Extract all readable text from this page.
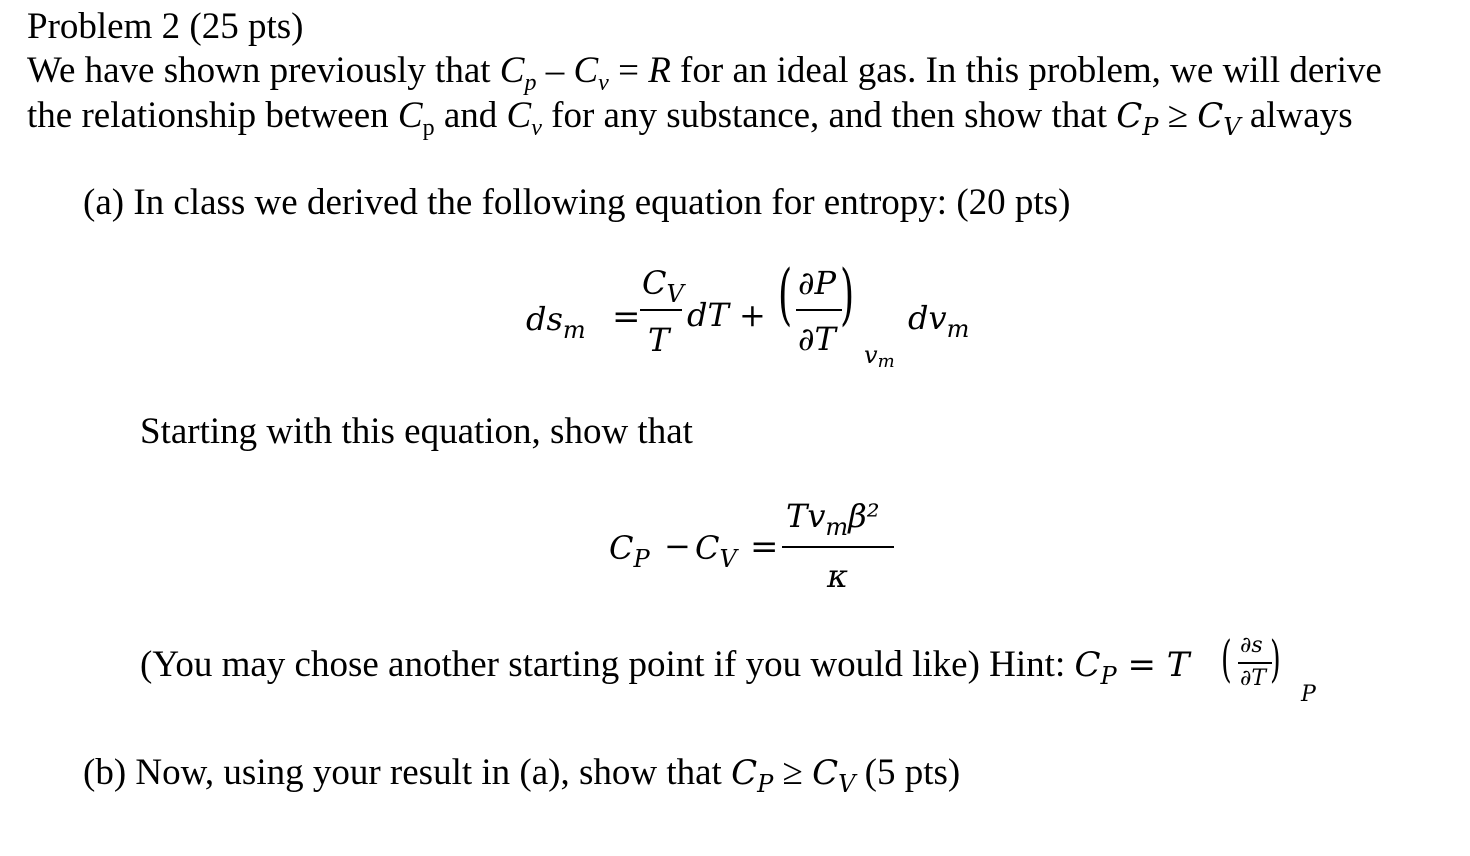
Problem 2 (25 pts)
We have shown previously that $C_p - C_v = R$ for an ideal gas. In this problem, we will derive
the relationship between $C_p$ and $C_v$ for any substance, and then show that $C_P \ge C_V$ always
(a) In class we derived the following equation for entropy: (20 pts)
$ds_m$ =
$C_V$
T
dT + ( ∂P
∂T
)
vm
$dv_m$
Starting with this equation, show that
$C_P - C_V$ =
$Tv_m\beta^2$
κ
(You may chose another starting point if you would like) Hint: $C_P = T$ ( ∂s
∂T )
P
(b) Now, using your result in (a), show that $C_P \ge C_V$ (5 pts)
